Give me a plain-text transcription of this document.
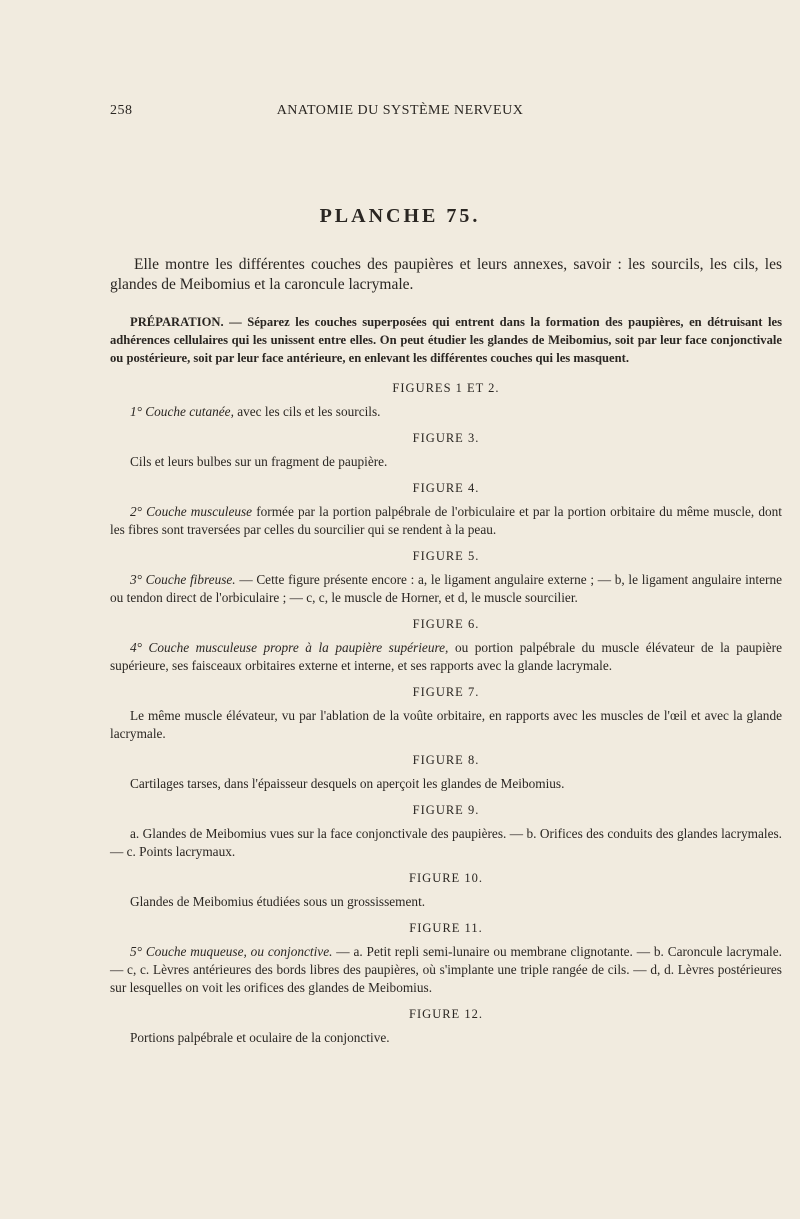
258	ANATOMIE DU SYSTÈME NERVEUX
PLANCHE 75.

Elle montre les différentes couches des paupières et leurs annexes, savoir : les sourcils, les cils, les glandes de Meibomius et la caroncule lacrymale.

PRÉPARATION. — Séparez les couches superposées qui entrent dans la formation des paupières, en détruisant les adhérences cellulaires qui les unissent entre elles. On peut étudier les glandes de Meibomius, soit par leur face conjonctivale ou postérieure, soit par leur face antérieure, en enlevant les différentes couches qui les masquent.

FIGURES 1 ET 2.

1° Couche cutanée, avec les cils et les sourcils.

FIGURE 3.

Cils et leurs bulbes sur un fragment de paupière.

FIGURE 4.

2° Couche musculeuse formée par la portion palpébrale de l'orbiculaire et par la portion orbitaire du même muscle, dont les fibres sont traversées par celles du sourcilier qui se rendent à la peau.

FIGURE 5.

3° Couche fibreuse. — Cette figure présente encore : a, le ligament angulaire externe ; — b, le ligament angulaire interne ou tendon direct de l'orbiculaire ; — c, c, le muscle de Horner, et d, le muscle sourcilier.

FIGURE 6.

4° Couche musculeuse propre à la paupière supérieure, ou portion palpébrale du muscle élévateur de la paupière supérieure, ses faisceaux orbitaires externe et interne, et ses rapports avec la glande lacrymale.

FIGURE 7.

Le même muscle élévateur, vu par l'ablation de la voûte orbitaire, en rapports avec les muscles de l'œil et avec la glande lacrymale.

FIGURE 8.

Cartilages tarses, dans l'épaisseur desquels on aperçoit les glandes de Meibomius.

FIGURE 9.

a. Glandes de Meibomius vues sur la face conjonctivale des paupières. — b. Orifices des conduits des glandes lacrymales. — c. Points lacrymaux.

FIGURE 10.

Glandes de Meibomius étudiées sous un grossissement.

FIGURE 11.

5° Couche muqueuse, ou conjonctive. — a. Petit repli semi-lunaire ou membrane clignotante. — b. Caroncule lacrymale. — c, c. Lèvres antérieures des bords libres des paupières, où s'implante une triple rangée de cils. — d, d. Lèvres postérieures sur lesquelles on voit les orifices des glandes de Meibomius.

FIGURE 12.

Portions palpébrale et oculaire de la conjonctive.
